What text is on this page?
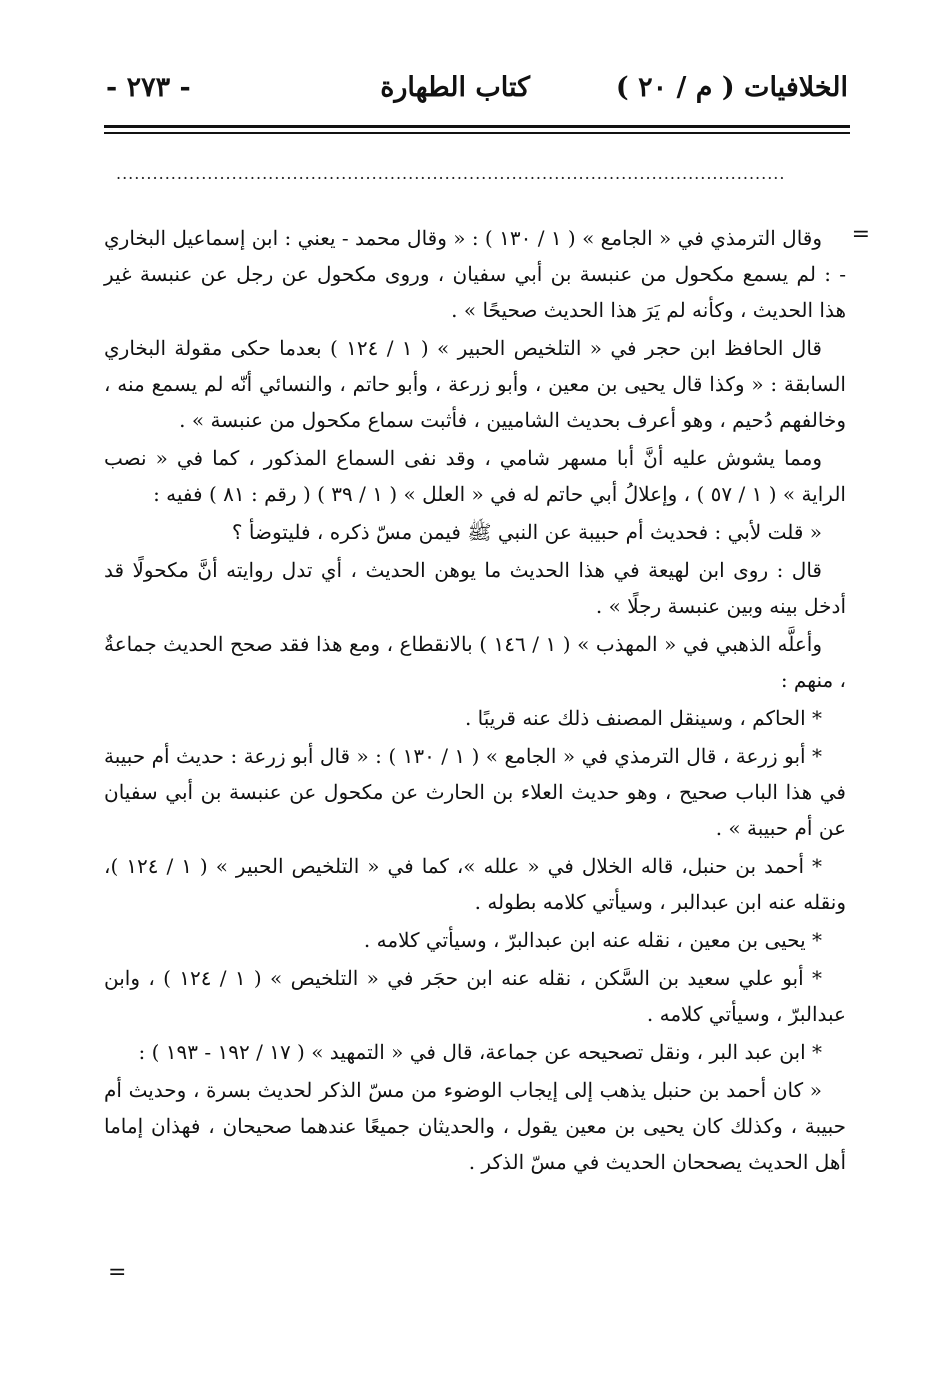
الخلافيات ( م / ٢٠ )
كتاب الطهارة
- ٢٧٣ -
..............................................................................................................
=

وقال الترمذي في « الجامع » ( ١ / ١٣٠ ) : « وقال محمد - يعني : ابن إسماعيل البخاري - : لم يسمع مكحول من عنبسة بن أبي سفيان ، وروى مكحول عن رجل عن عنبسة غير هذا الحديث ، وكأنه لم يَرَ هذا الحديث صحيحًا » .

قال الحافظ ابن حجر في « التلخيص الحبير » ( ١ / ١٢٤ ) بعدما حكى مقولة البخاري السابقة : « وكذا قال يحيى بن معين ، وأبو زرعة ، وأبو حاتم ، والنسائي أنّه لم يسمع منه ، وخالفهم دُحيم ، وهو أعرف بحديث الشاميين ، فأثبت سماع مكحول من عنبسة » .

ومما يشوش عليه أنَّ أبا مسهر شامي ، وقد نفى السماع المذكور ، كما في « نصب الراية » ( ١ / ٥٧ ) ، وإعلالُ أبي حاتم له في « العلل » ( ١ / ٣٩ ) ( رقم : ٨١ ) ففيه :

« قلت لأبي : فحديث أم حبيبة عن النبي ﷺ فيمن مسّ ذكره ، فليتوضأ ؟

قال : روى ابن لهيعة في هذا الحديث ما يوهن الحديث ، أي تدل روايته أنَّ مكحولًا قد أدخل بينه وبين عنبسة رجلًا » .

وأعلَّه الذهبي في « المهذب » ( ١ / ١٤٦ ) بالانقطاع ، ومع هذا فقد صحح الحديث جماعةٌ ، منهم :

* الحاكم ، وسينقل المصنف ذلك عنه قريبًا .

* أبو زرعة ، قال الترمذي في « الجامع » ( ١ / ١٣٠ ) : « قال أبو زرعة : حديث أم حبيبة في هذا الباب صحيح ، وهو حديث العلاء بن الحارث عن مكحول عن عنبسة بن أبي سفيان عن أم حبيبة » .

* أحمد بن حنبل، قاله الخلال في « علله »، كما في « التلخيص الحبير » ( ١ / ١٢٤ )، ونقله عنه ابن عبدالبر ، وسيأتي كلامه بطوله .

* يحيى بن معين ، نقله عنه ابن عبدالبرّ ، وسيأتي كلامه .

* أبو علي سعيد بن السَّكن ، نقله عنه ابن حجَر في « التلخيص » ( ١ / ١٢٤ ) ، وابن عبدالبرّ ، وسيأتي كلامه .

* ابن عبد البر ، ونقل تصحيحه عن جماعة، قال في « التمهيد » ( ١٧ / ١٩٢ - ١٩٣ ) :

« كان أحمد بن حنبل يذهب إلى إيجاب الوضوء من مسّ الذكر لحديث بسرة ، وحديث أم حبيبة ، وكذلك كان يحيى بن معين يقول ، والحديثان جميعًا عندهما صحيحان ، فهذان إماما أهل الحديث يصححان الحديث في مسّ الذكر .

=
